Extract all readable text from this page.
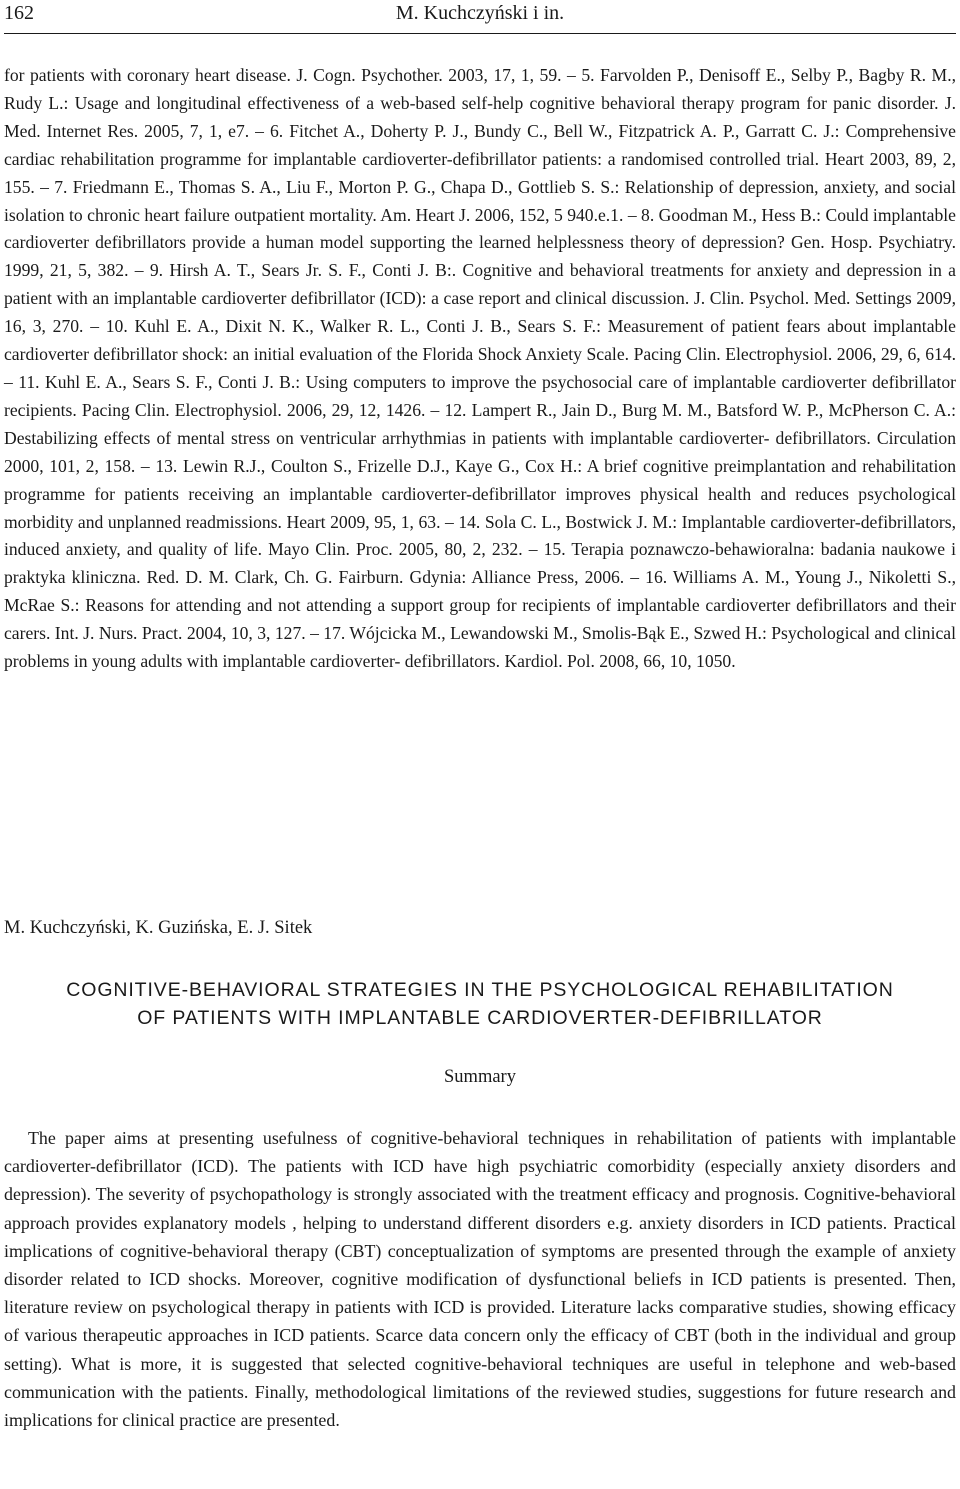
162	M. Kuchczyński i in.

for patients with coronary heart disease. J. Cogn. Psychother. 2003, 17, 1, 59. – 5. Farvolden P., Denisoff E., Selby P., Bagby R. M., Rudy L.: Usage and longitudinal effectiveness of a web-based self-help cognitive behavioral therapy program for panic disorder. J. Med. Internet Res. 2005, 7, 1, e7. – 6. Fitchet A., Doherty P. J., Bundy C., Bell W., Fitzpatrick A. P., Garratt C. J.: Comprehensive cardiac rehabilitation programme for implantable cardioverter-defibrillator patients: a randomised controlled trial. Heart 2003, 89, 2, 155. – 7. Friedmann E., Thomas S. A., Liu F., Morton P. G., Chapa D., Gottlieb S. S.: Relationship of depression, anxiety, and social isolation to chronic heart failure outpatient mortality. Am. Heart J. 2006, 152, 5 940.e.1. – 8. Goodman M., Hess B.: Could implantable cardioverter defibrillators provide a human model supporting the learned helplessness theory of depression? Gen. Hosp. Psychiatry. 1999, 21, 5, 382. – 9. Hirsh A. T., Sears Jr. S. F., Conti J. B:. Cognitive and behavioral treatments for anxiety and depression in a patient with an implantable cardioverter defibrillator (ICD): a case report and clinical discussion. J. Clin. Psychol. Med. Settings 2009, 16, 3, 270. – 10. Kuhl E. A., Dixit N. K., Walker R. L., Conti J. B., Sears S. F.: Measurement of patient fears about implantable cardioverter defibrillator shock: an initial evaluation of the Florida Shock Anxiety Scale. Pacing Clin. Electrophysiol. 2006, 29, 6, 614. – 11. Kuhl E. A., Sears S. F., Conti J. B.: Using computers to improve the psychosocial care of implantable cardioverter defibrillator recipients. Pacing Clin. Electrophysiol. 2006, 29, 12, 1426. – 12. Lampert R., Jain D., Burg M. M., Batsford W. P., McPherson C. A.: Destabilizing effects of mental stress on ventricular arrhythmias in patients with implantable cardioverter- defibrillators. Circulation 2000, 101, 2, 158. – 13. Lewin R.J., Coulton S., Frizelle D.J., Kaye G., Cox H.: A brief cognitive preimplantation and rehabilitation programme for patients receiving an implantable cardioverter-defibrillator improves physical health and reduces psychological morbidity and unplanned readmissions. Heart 2009, 95, 1, 63. – 14. Sola C. L., Bostwick J. M.: Implantable cardioverter-defibrillators, induced anxiety, and quality of life. Mayo Clin. Proc. 2005, 80, 2, 232. – 15. Terapia poznawczo-behawioralna: badania naukowe i praktyka kliniczna. Red. D. M. Clark, Ch. G. Fairburn. Gdynia: Alliance Press, 2006. – 16. Williams A. M., Young J., Nikoletti S., McRae S.: Reasons for attending and not attending a support group for recipients of implantable cardioverter defibrillators and their carers. Int. J. Nurs. Pract. 2004, 10, 3, 127. – 17. Wójcicka M., Lewandowski M., Smolis-Bąk E., Szwed H.: Psychological and clinical problems in young adults with implantable cardioverter- defibrillators. Kardiol. Pol. 2008, 66, 10, 1050.

M. Kuchczyński, K. Guzińska, E. J. Sitek

COGNITIVE-BEHAVIORAL STRATEGIES IN THE PSYCHOLOGICAL REHABILITATION
OF PATIENTS WITH IMPLANTABLE CARDIOVERTER-DEFIBRILLATOR
Summary

The paper aims at presenting usefulness of cognitive-behavioral techniques in rehabilitation of patients with implantable cardioverter-defibrillator (ICD). The patients with ICD have high psychiatric comorbidity (especially anxiety disorders and depression). The severity of psychopathology is strongly associated with the treatment efficacy and prognosis. Cognitive-behavioral approach provides explanatory models , helping to understand different disorders e.g. anxiety disorders in ICD patients. Practical implications of cognitive-behavioral therapy (CBT) conceptualization of symptoms are presented through the example of anxiety disorder related to ICD shocks. Moreover, cognitive modification of dysfunctional beliefs in ICD patients is presented. Then, literature review on psychological therapy in patients with ICD is provided. Literature lacks comparative studies, showing efficacy of various therapeutic approaches in ICD patients. Scarce data concern only the efficacy of CBT (both in the individual and group setting). What is more, it is suggested that selected cognitive-behavioral techniques are useful in telephone and web-based communication with the patients. Finally, methodological limitations of the reviewed studies, suggestions for future research and implications for clinical practice are presented.
